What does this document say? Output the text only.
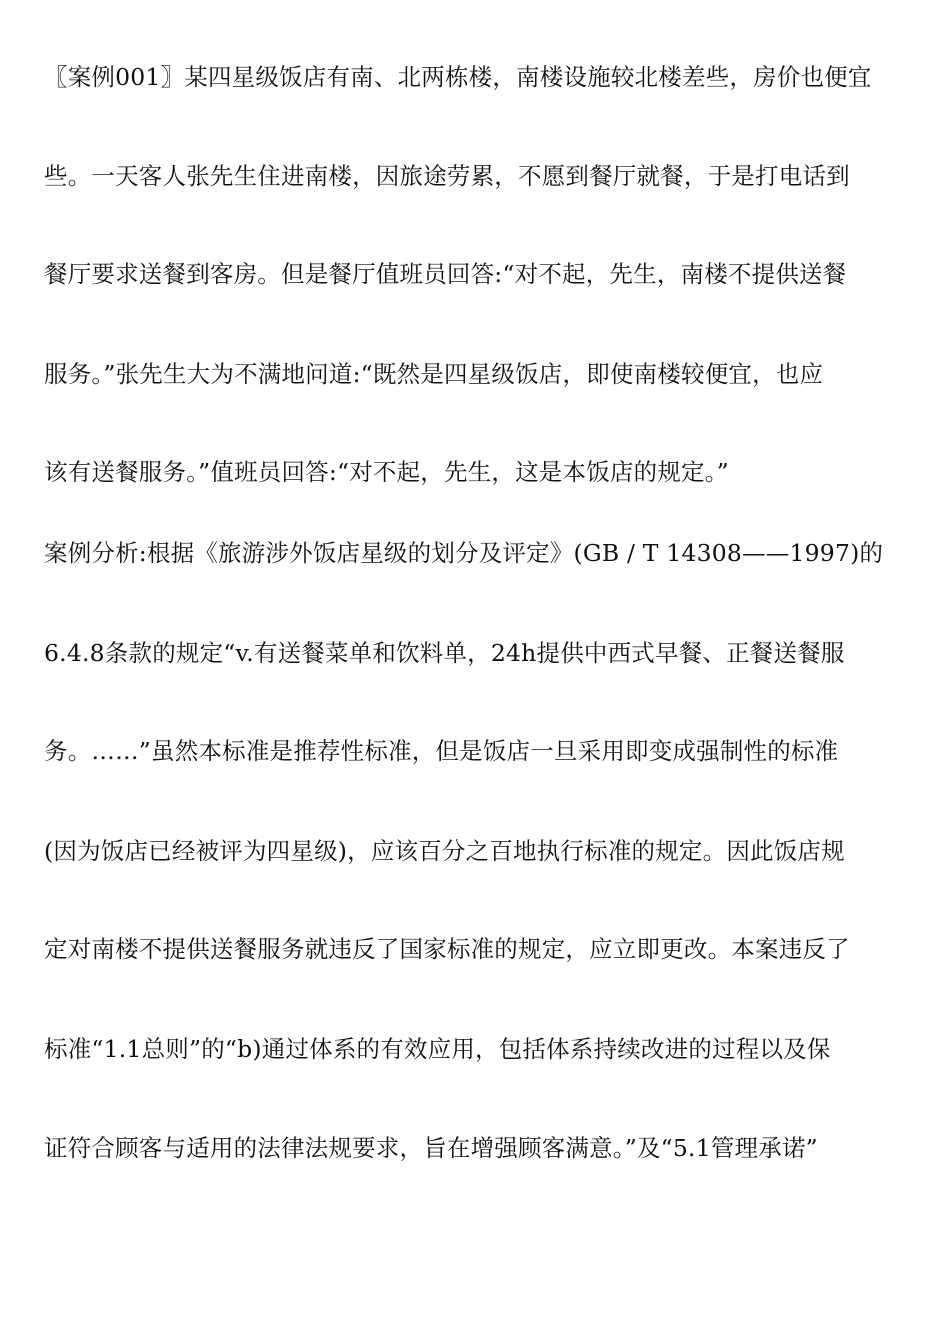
〖案例001〗某四星级饭店有南、北两栋楼，南楼设施较北楼差些，房价也便宜
些。一天客人张先生住进南楼，因旅途劳累，不愿到餐厅就餐，于是打电话到
餐厅要求送餐到客房。但是餐厅值班员回答:“对不起，先生，南楼不提供送餐
服务。”张先生大为不满地问道:“既然是四星级饭店，即使南楼较便宜，也应
该有送餐服务。”值班员回答:“对不起，先生，这是本饭店的规定。”
案例分析:根据《旅游涉外饭店星级的划分及评定》(GB / T 14308——1997)的
6.4.8条款的规定“v.有送餐菜单和饮料单，24h提供中西式早餐、正餐送餐服
务。……”虽然本标准是推荐性标准，但是饭店一旦采用即变成强制性的标准
(因为饭店已经被评为四星级)，应该百分之百地执行标准的规定。因此饭店规
定对南楼不提供送餐服务就违反了国家标准的规定，应立即更改。本案违反了
标准“1.1总则”的“b)通过体系的有效应用，包括体系持续改进的过程以及保
证符合顾客与适用的法律法规要求，旨在增强顾客满意。”及“5.1管理承诺”
